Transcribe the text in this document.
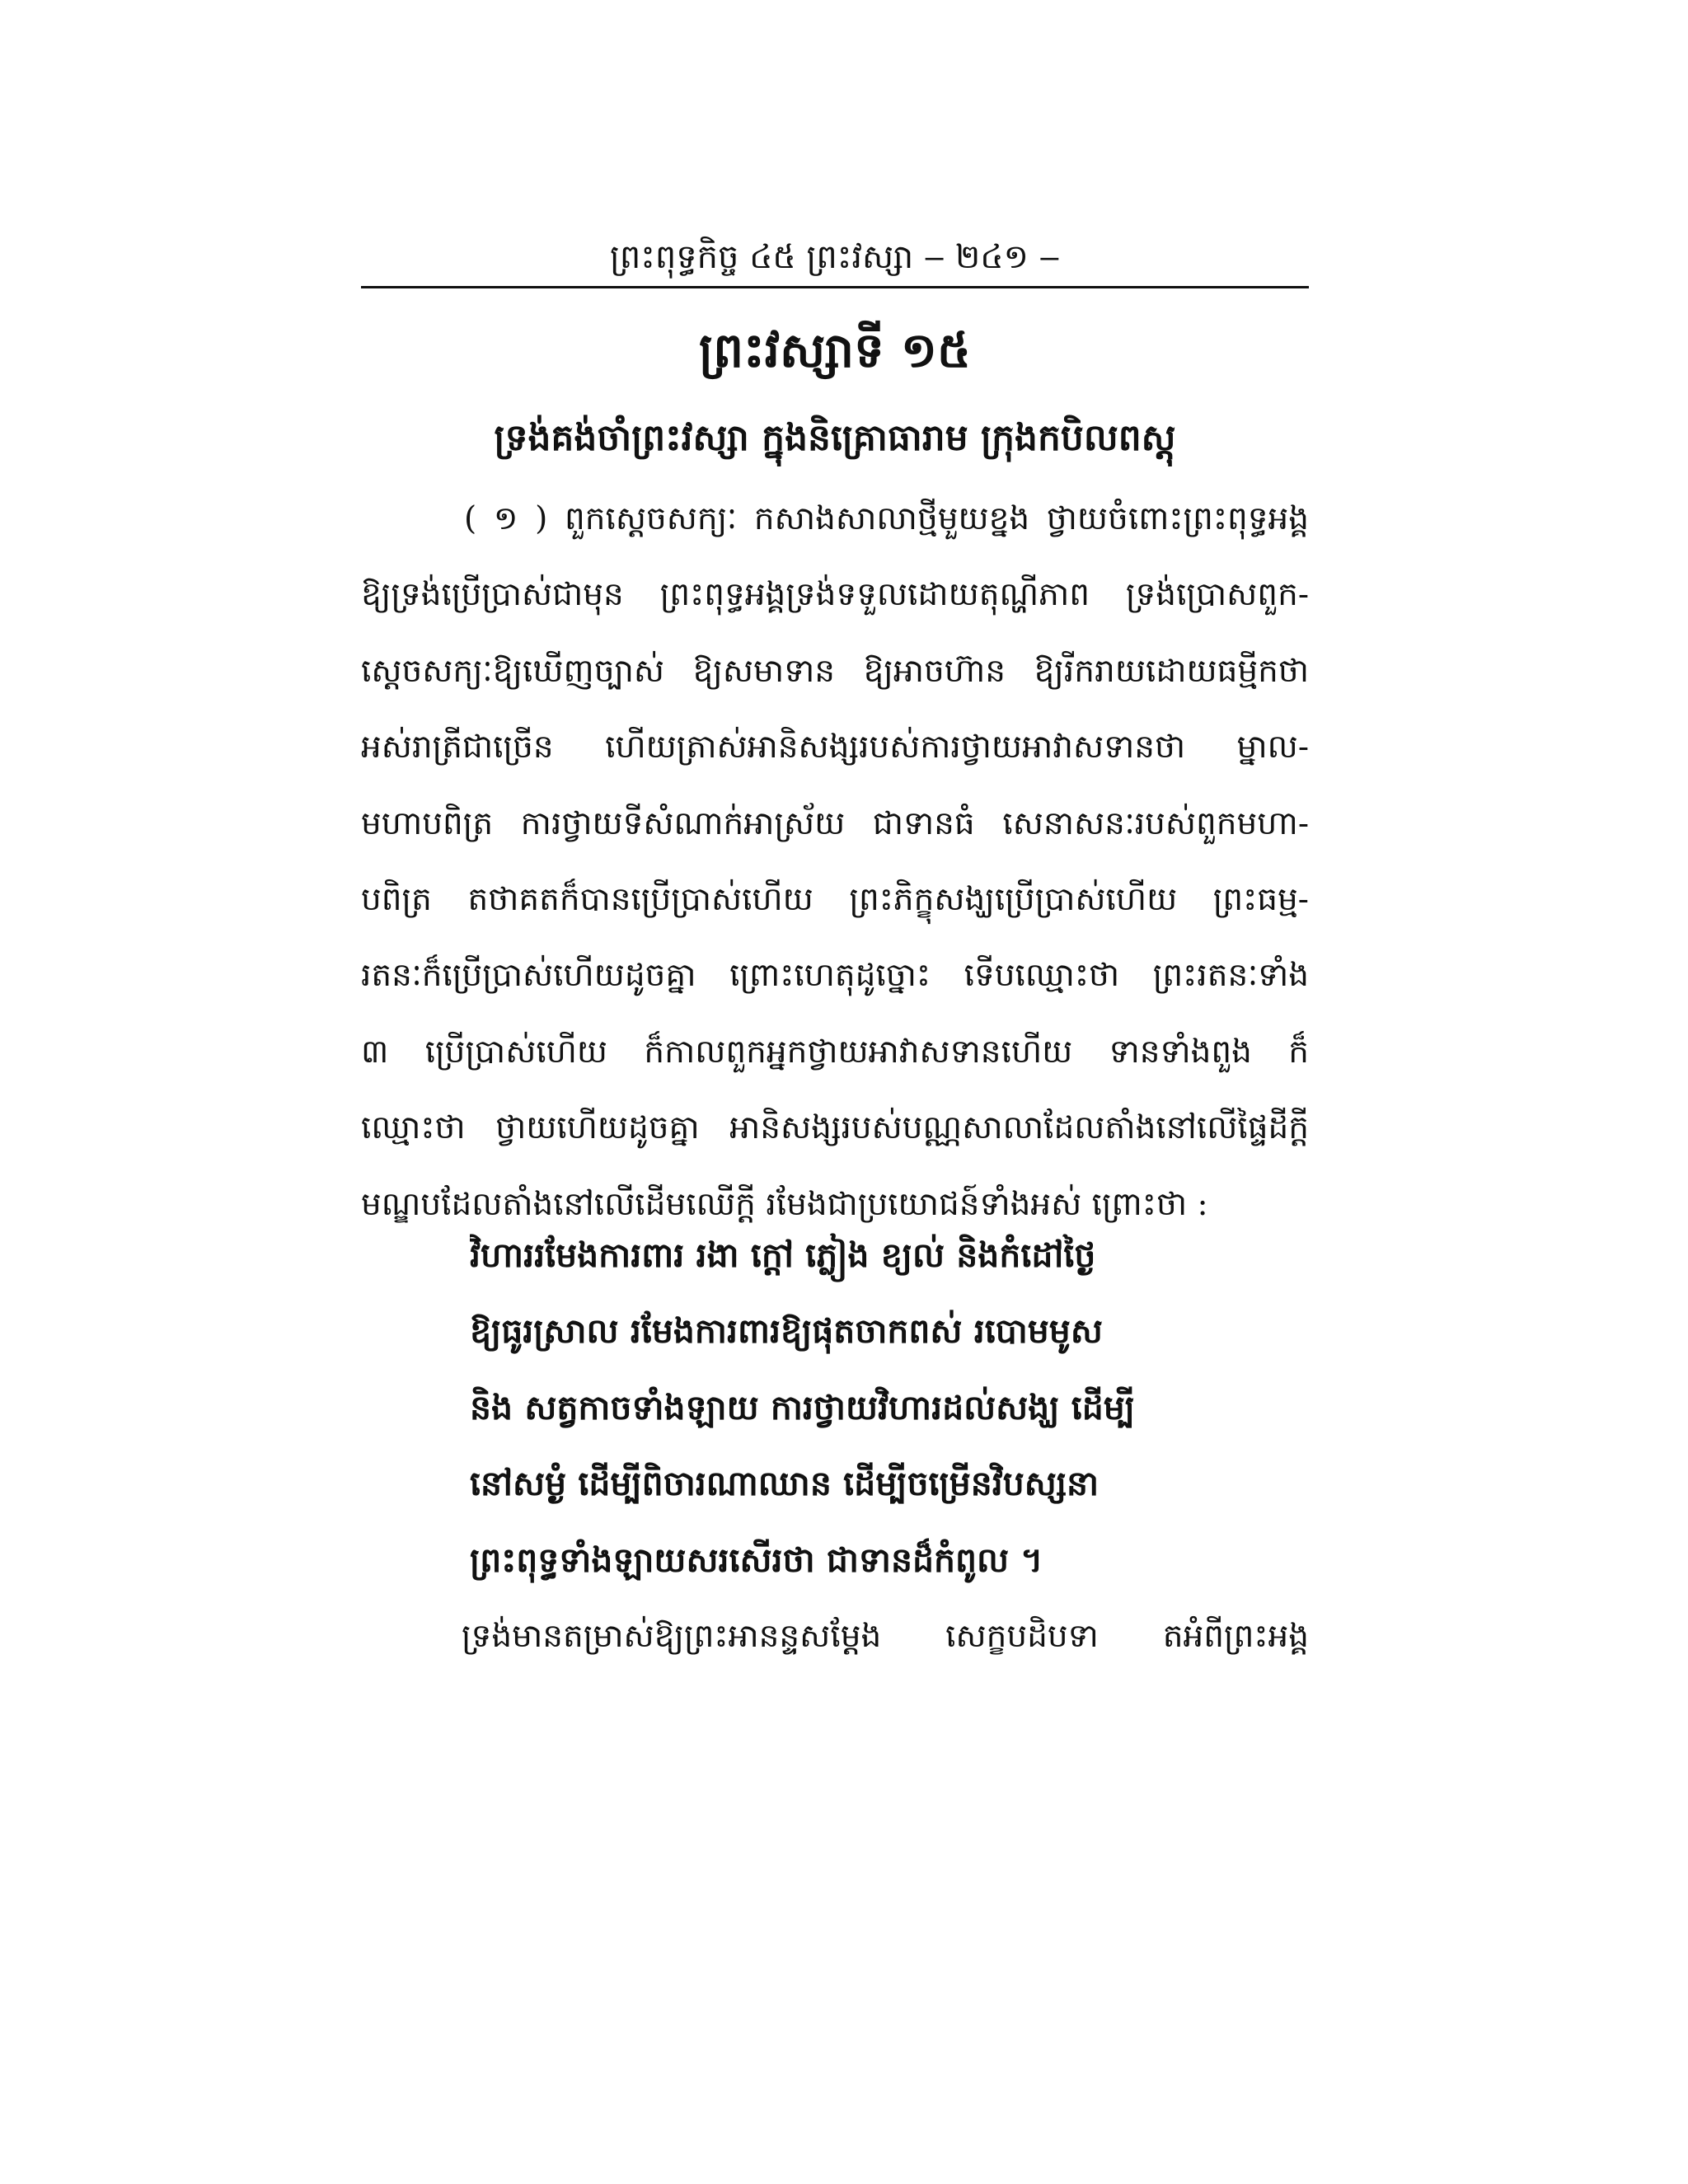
ព្រះពុទ្ធកិច្ច ៤៥ ព្រះវស្សា ‒ ២៤១ ‒
ព្រះវស្សាទី ១៥
ទ្រង់គង់ចាំព្រះវស្សា ក្នុងនិគ្រោធារាម ក្រុងកបិលពស្តុ
( ១ ) ពួកស្តេចសក្យៈ កសាងសាលាថ្មីមួយខ្នង ថ្វាយចំពោះព្រះពុទ្ធអង្គ
ឱ្យទ្រង់ប្រើប្រាស់ជាមុន ព្រះពុទ្ធអង្គទ្រង់ទទួលដោយតុណ្ហីភាព ទ្រង់ប្រោសពួក-
ស្តេចសក្យៈឱ្យឃើញច្បាស់ ឱ្យសមាទាន ឱ្យអាចហ៊ាន ឱ្យរីករាយដោយធម្មីកថា
អស់រាត្រីជាច្រើន ហើយត្រាស់អានិសង្សរបស់ការថ្វាយអាវាសទានថា ម្នាល-
មហាបពិត្រ ការថ្វាយទីសំណាក់អាស្រ័យ ជាទានធំ សេនាសនៈរបស់ពួកមហា-
បពិត្រ តថាគតក៏បានប្រើប្រាស់ហើយ ព្រះភិក្ខុសង្ឃប្រើប្រាស់ហើយ ព្រះធម្ម-
រតនៈក៏ប្រើប្រាស់ហើយដូចគ្នា ព្រោះហេតុដូច្នោះ ទើបឈ្មោះថា ព្រះរតនៈទាំង
៣ ប្រើប្រាស់ហើយ ក៏កាលពួកអ្នកថ្វាយអាវាសទានហើយ ទានទាំងពួង ក៏
ឈ្មោះថា ថ្វាយហើយដូចគ្នា អានិសង្សរបស់បណ្ណសាលាដែលតាំងនៅលើផ្ទៃដីក្តី
មណ្ឌបដែលតាំងនៅលើដើមឈើក្តី រមែងជាប្រយោជន៍ទាំងអស់ ព្រោះថា :
វិហាររមែងការពារ រងា ក្តៅ ភ្លៀង ខ្យល់ និងកំដៅថ្ងៃ
ឱ្យធូរស្រាល រមែងការពារឱ្យផុតចាកពស់ របោមមូស
និង សត្វកាចទាំងឡាយ ការថ្វាយវិហារដល់សង្ឃ ដើម្បី
នៅសម្ងំ ដើម្បីពិចារណាឈាន ដើម្បីចម្រើនវិបស្សនា
ព្រះពុទ្ធទាំងឡាយសរសើរថា ជាទានដ៏កំពូល ។
ទ្រង់មានតម្រាស់ឱ្យព្រះអានន្ទសម្តែង សេក្ខបដិបទា តអំពីព្រះអង្គ
